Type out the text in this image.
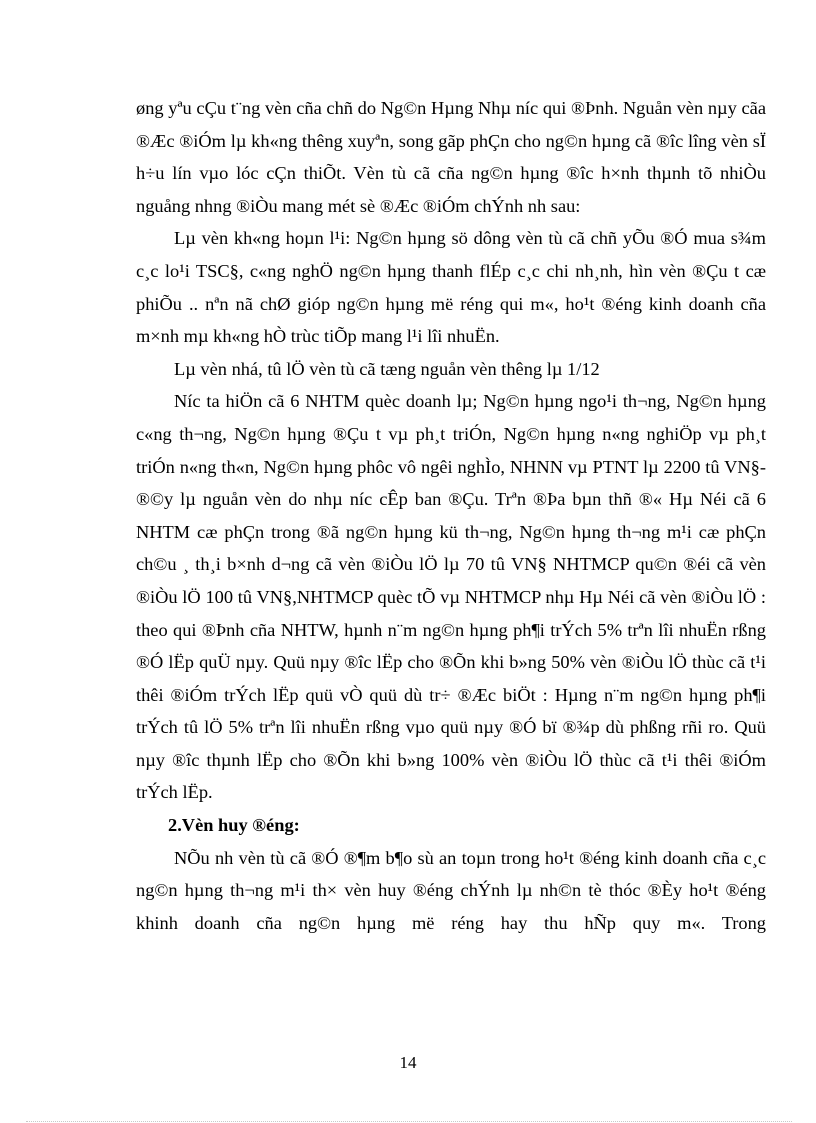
øng yªu cÇu t¨ng vèn cña chñ do Ng©n Hµng Nhµ níc qui ®Þnh. Nguån vèn nµy cãa ®Æc ®iÓm lµ kh«ng thêng xuyªn, song gãp phÇn cho ng©n hµng cã ®îc lîng vèn sÏ h÷u lín vµo lóc cÇn thiÕt. Vèn tù cã cña ng©n hµng ®îc h×nh thµnh tõ nhiÒu nguång nhng ®iÒu mang mét sè ®Æc ®iÓm chÝnh nh sau:

Lµ vèn kh«ng hoµn l¹i: Ng©n hµng sö dông vèn tù cã chñ yÕu ®Ó mua s¾m c¸c lo¹i TSC§, c«ng nghÖ ng©n hµng thanh flÉp c¸c chi nh¸nh, hìn vèn ®Çu t cæ phiÕu .. nªn nã chØ gióp ng©n hµng më réng qui m«, ho¹t ®éng kinh doanh cña m×nh mµ kh«ng hÒ trùc tiÕp mang l¹i lîi nhuËn.

Lµ vèn nhá, tû lÖ vèn tù cã tæng nguån vèn thêng lµ 1/12

Níc ta hiÖn cã 6 NHTM quèc doanh lµ; Ng©n hµng ngo¹i th¬ng, Ng©n hµng c«ng th¬ng, Ng©n hµng ®Çu t vµ ph¸t triÓn, Ng©n hµng n«ng nghiÖp vµ ph¸t triÓn n«ng th«n, Ng©n hµng phôc vô ngêi nghÌo, NHNN vµ PTNT lµ 2200 tû VN§- ®©y lµ nguån vèn do nhµ níc cÊp ban ®Çu. Trªn ®Þa bµn thñ ®« Hµ Néi cã 6 NHTM cæ phÇn trong ®ã ng©n hµng kü th¬ng, Ng©n hµng th¬ng m¹i cæ phÇn ch©u ¸ th¸i b×nh d¬ng cã vèn ®iÒu lÖ lµ 70 tû VN§ NHTMCP qu©n ®éi cã vèn ®iÒu lÖ 100 tû VN§,NHTMCP quèc tÕ vµ NHTMCP nhµ Hµ Néi cã vèn ®iÒu lÖ : theo qui ®Þnh cña NHTW, hµnh n¨m ng©n hµng ph¶i trÝch 5% trªn lîi nhuËn rßng ®Ó lËp quÜ nµy. Quü nµy ®îc lËp cho ®Õn khi b»ng 50% vèn ®iÒu lÖ thùc cã t¹i thêi ®iÓm trÝch lËp quü vÒ quü dù tr÷ ®Æc biÖt : Hµng n¨m ng©n hµng ph¶i trÝch tû lÖ 5% trªn lîi nhuËn rßng vµo quü nµy ®Ó bï ®¾p dù phßng rñi ro. Quü nµy ®îc thµnh lËp cho ®Õn khi b»ng 100% vèn ®iÒu lÖ thùc cã t¹i thêi ®iÓm trÝch lËp.

2.Vèn huy ®éng:

NÕu nh vèn tù cã ®Ó ®¶m b¶o sù an toµn trong ho¹t ®éng kinh doanh cña c¸c ng©n hµng th¬ng m¹i th× vèn huy ®éng chÝnh lµ nh©n tè thóc ®Èy ho¹t ®éng khinh doanh cña ng©n hµng më réng hay thu hÑp quy m«. Trong

14
